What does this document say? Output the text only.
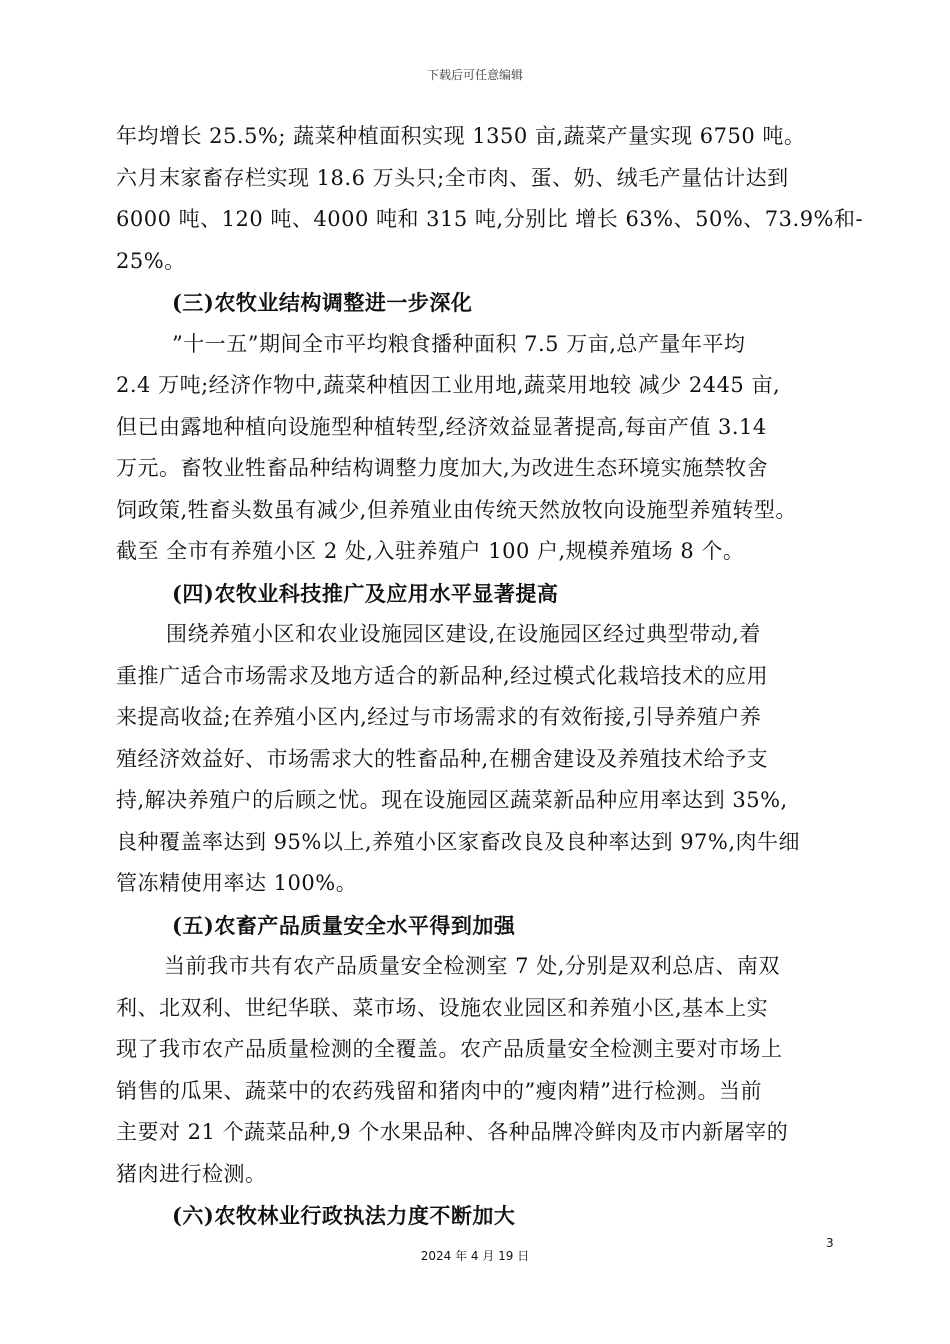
下载后可任意编辑
年均增长 25.5%; 蔬菜种植面积实现 1350 亩,蔬菜产量实现 6750 吨。
六月末家畜存栏实现 18.6 万头只;全市肉、蛋、奶、绒毛产量估计达到
6000 吨、120 吨、4000 吨和 315 吨,分别比 增长 63%、50%、73.9%和-
25%。
(三)农牧业结构调整进一步深化
”十一五”期间全市平均粮食播种面积 7.5 万亩,总产量年平均
2.4 万吨;经济作物中,蔬菜种植因工业用地,蔬菜用地较 减少 2445 亩,
但已由露地种植向设施型种植转型,经济效益显著提高,每亩产值 3.14
万元。畜牧业牲畜品种结构调整力度加大,为改进生态环境实施禁牧舍
饲政策,牲畜头数虽有减少,但养殖业由传统天然放牧向设施型养殖转型。
截至 全市有养殖小区 2 处,入驻养殖户 100 户,规模养殖场 8 个。
(四)农牧业科技推广及应用水平显著提高
围绕养殖小区和农业设施园区建设,在设施园区经过典型带动,着
重推广适合市场需求及地方适合的新品种,经过模式化栽培技术的应用
来提高收益;在养殖小区内,经过与市场需求的有效衔接,引导养殖户养
殖经济效益好、市场需求大的牲畜品种,在棚舍建设及养殖技术给予支
持,解决养殖户的后顾之忧。现在设施园区蔬菜新品种应用率达到 35%,
良种覆盖率达到 95%以上,养殖小区家畜改良及良种率达到 97%,肉牛细
管冻精使用率达 100%。
(五)农畜产品质量安全水平得到加强
当前我市共有农产品质量安全检测室 7 处,分别是双利总店、南双
利、北双利、世纪华联、菜市场、设施农业园区和养殖小区,基本上实
现了我市农产品质量检测的全覆盖。农产品质量安全检测主要对市场上
销售的瓜果、蔬菜中的农药残留和猪肉中的”瘦肉精”进行检测。当前
主要对 21 个蔬菜品种,9 个水果品种、各种品牌冷鲜肉及市内新屠宰的
猪肉进行检测。
(六)农牧林业行政执法力度不断加大
3
2024 年 4 月 19 日
